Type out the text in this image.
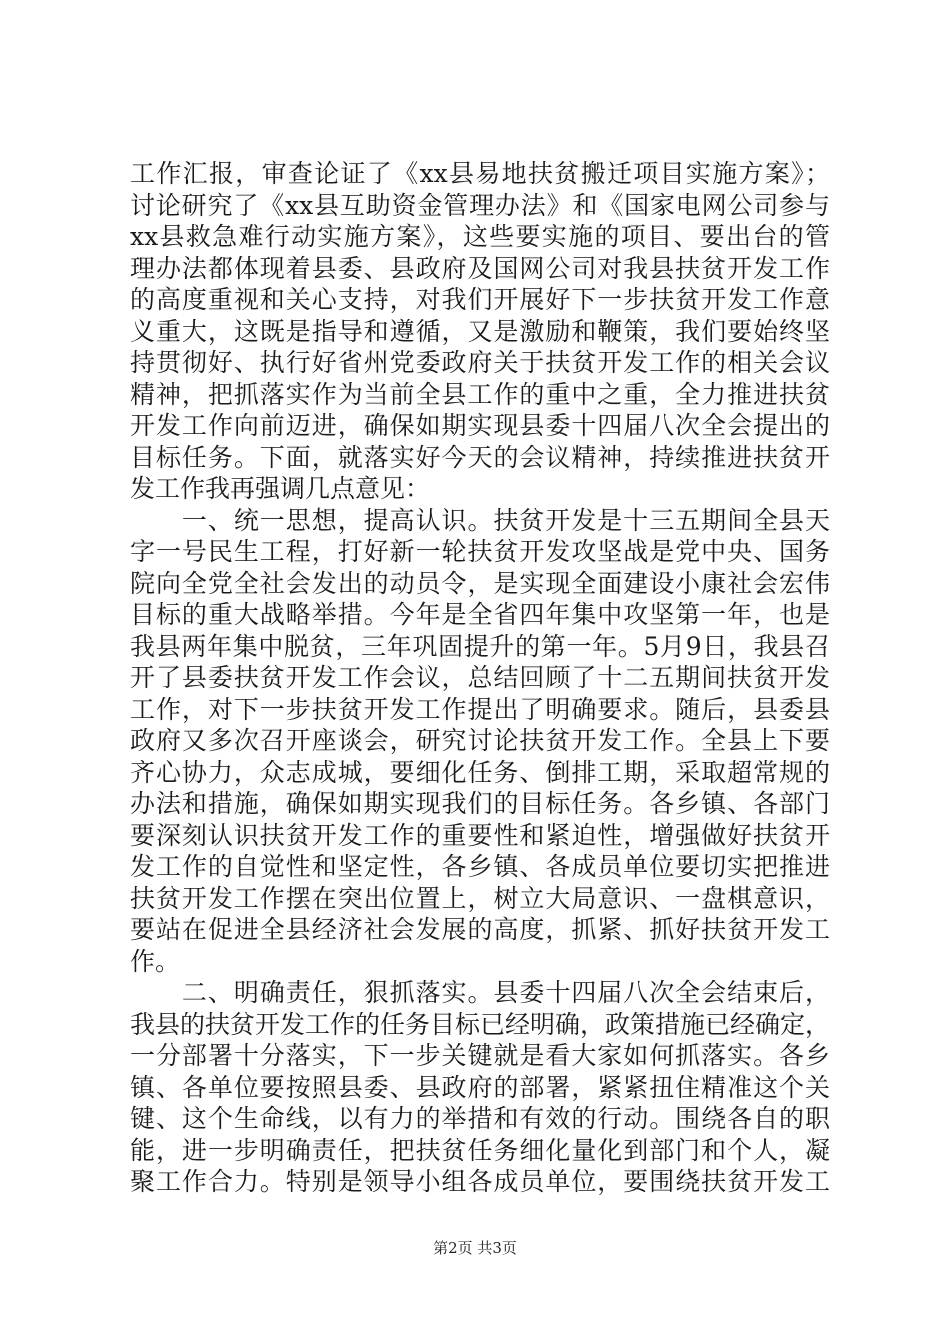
工作汇报，审查论证了《xx县易地扶贫搬迁项目实施方案》；
讨论研究了《xx县互助资金管理办法》和《国家电网公司参与
xx县救急难行动实施方案》，这些要实施的项目、要出台的管
理办法都体现着县委、县政府及国网公司对我县扶贫开发工作
的高度重视和关心支持，对我们开展好下一步扶贫开发工作意
义重大，这既是指导和遵循，又是激励和鞭策，我们要始终坚
持贯彻好、执行好省州党委政府关于扶贫开发工作的相关会议
精神，把抓落实作为当前全县工作的重中之重，全力推进扶贫
开发工作向前迈进，确保如期实现县委十四届八次全会提出的
目标任务。下面，就落实好今天的会议精神，持续推进扶贫开
发工作我再强调几点意见：
　　一、统一思想，提高认识。扶贫开发是十三五期间全县天
字一号民生工程，打好新一轮扶贫开发攻坚战是党中央、国务
院向全党全社会发出的动员令，是实现全面建设小康社会宏伟
目标的重大战略举措。今年是全省四年集中攻坚第一年，也是
我县两年集中脱贫，三年巩固提升的第一年。5月9日，我县召
开了县委扶贫开发工作会议，总结回顾了十二五期间扶贫开发
工作，对下一步扶贫开发工作提出了明确要求。随后，县委县
政府又多次召开座谈会，研究讨论扶贫开发工作。全县上下要
齐心协力，众志成城，要细化任务、倒排工期，采取超常规的
办法和措施，确保如期实现我们的目标任务。各乡镇、各部门
要深刻认识扶贫开发工作的重要性和紧迫性，增强做好扶贫开
发工作的自觉性和坚定性，各乡镇、各成员单位要切实把推进
扶贫开发工作摆在突出位置上，树立大局意识、一盘棋意识，
要站在促进全县经济社会发展的高度，抓紧、抓好扶贫开发工
作。
　　二、明确责任，狠抓落实。县委十四届八次全会结束后，
我县的扶贫开发工作的任务目标已经明确，政策措施已经确定，
一分部署十分落实，下一步关键就是看大家如何抓落实。各乡
镇、各单位要按照县委、县政府的部署，紧紧扭住精准这个关
键、这个生命线，以有力的举措和有效的行动。围绕各自的职
能，进一步明确责任，把扶贫任务细化量化到部门和个人，凝
聚工作合力。特别是领导小组各成员单位，要围绕扶贫开发工
第2页 共3页
